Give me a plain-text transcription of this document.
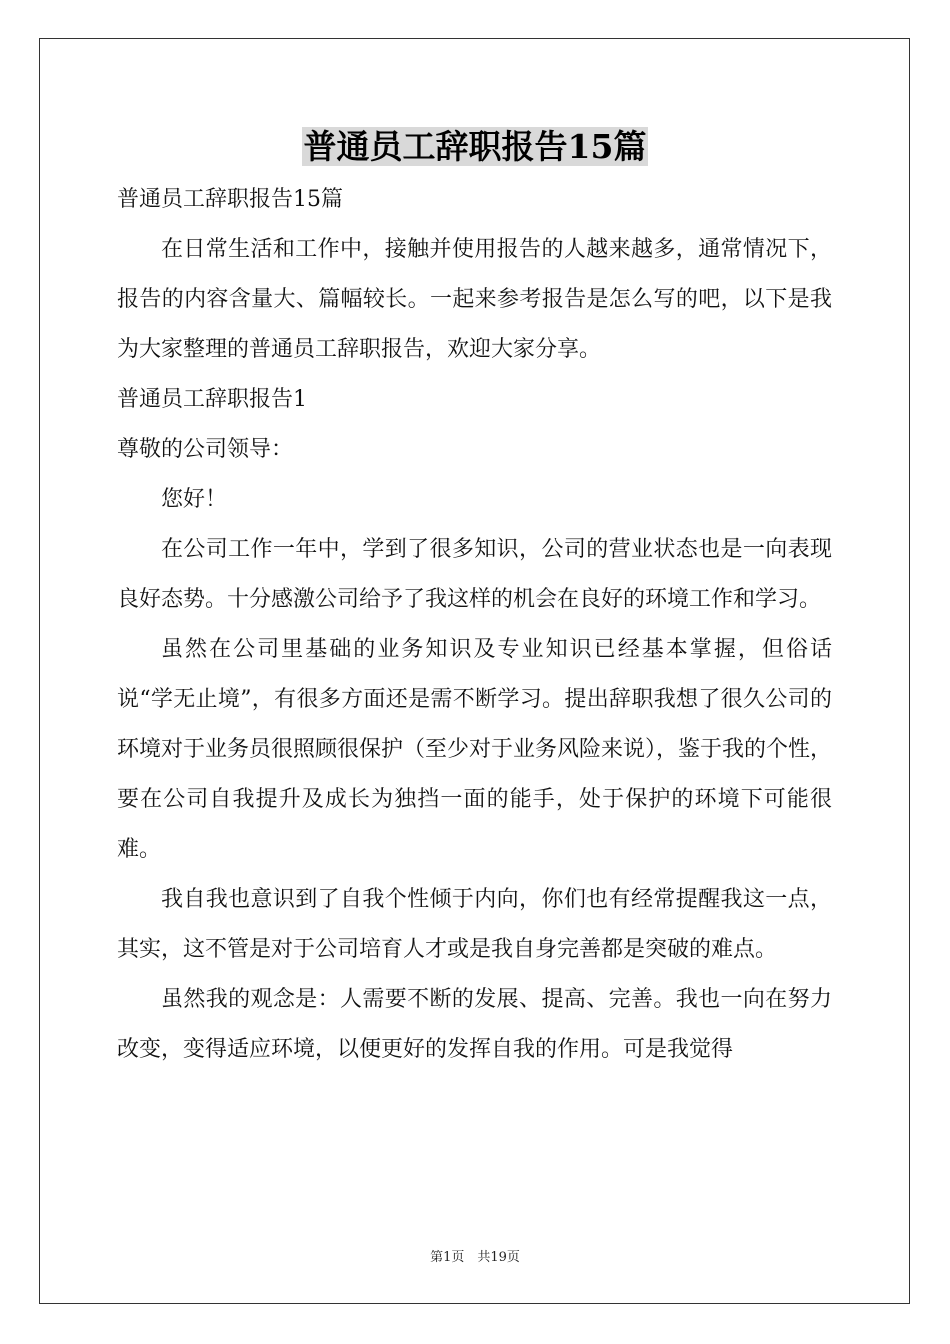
普通员工辞职报告15篇

普通员工辞职报告15篇

在日常生活和工作中，接触并使用报告的人越来越多，通常情况下，报告的内容含量大、篇幅较长。一起来参考报告是怎么写的吧，以下是我为大家整理的普通员工辞职报告，欢迎大家分享。

普通员工辞职报告1

尊敬的公司领导：

您好！

在公司工作一年中，学到了很多知识，公司的营业状态也是一向表现良好态势。十分感激公司给予了我这样的机会在良好的环境工作和学习。

虽然在公司里基础的业务知识及专业知识已经基本掌握，但俗话说“学无止境”，有很多方面还是需不断学习。提出辞职我想了很久公司的环境对于业务员很照顾很保护（至少对于业务风险来说），鉴于我的个性，要在公司自我提升及成长为独挡一面的能手，处于保护的环境下可能很难。

我自我也意识到了自我个性倾于内向，你们也有经常提醒我这一点，其实，这不管是对于公司培育人才或是我自身完善都是突破的难点。

虽然我的观念是：人需要不断的发展、提高、完善。我也一向在努力改变，变得适应环境，以便更好的发挥自我的作用。可是我觉得

第1页　共19页
